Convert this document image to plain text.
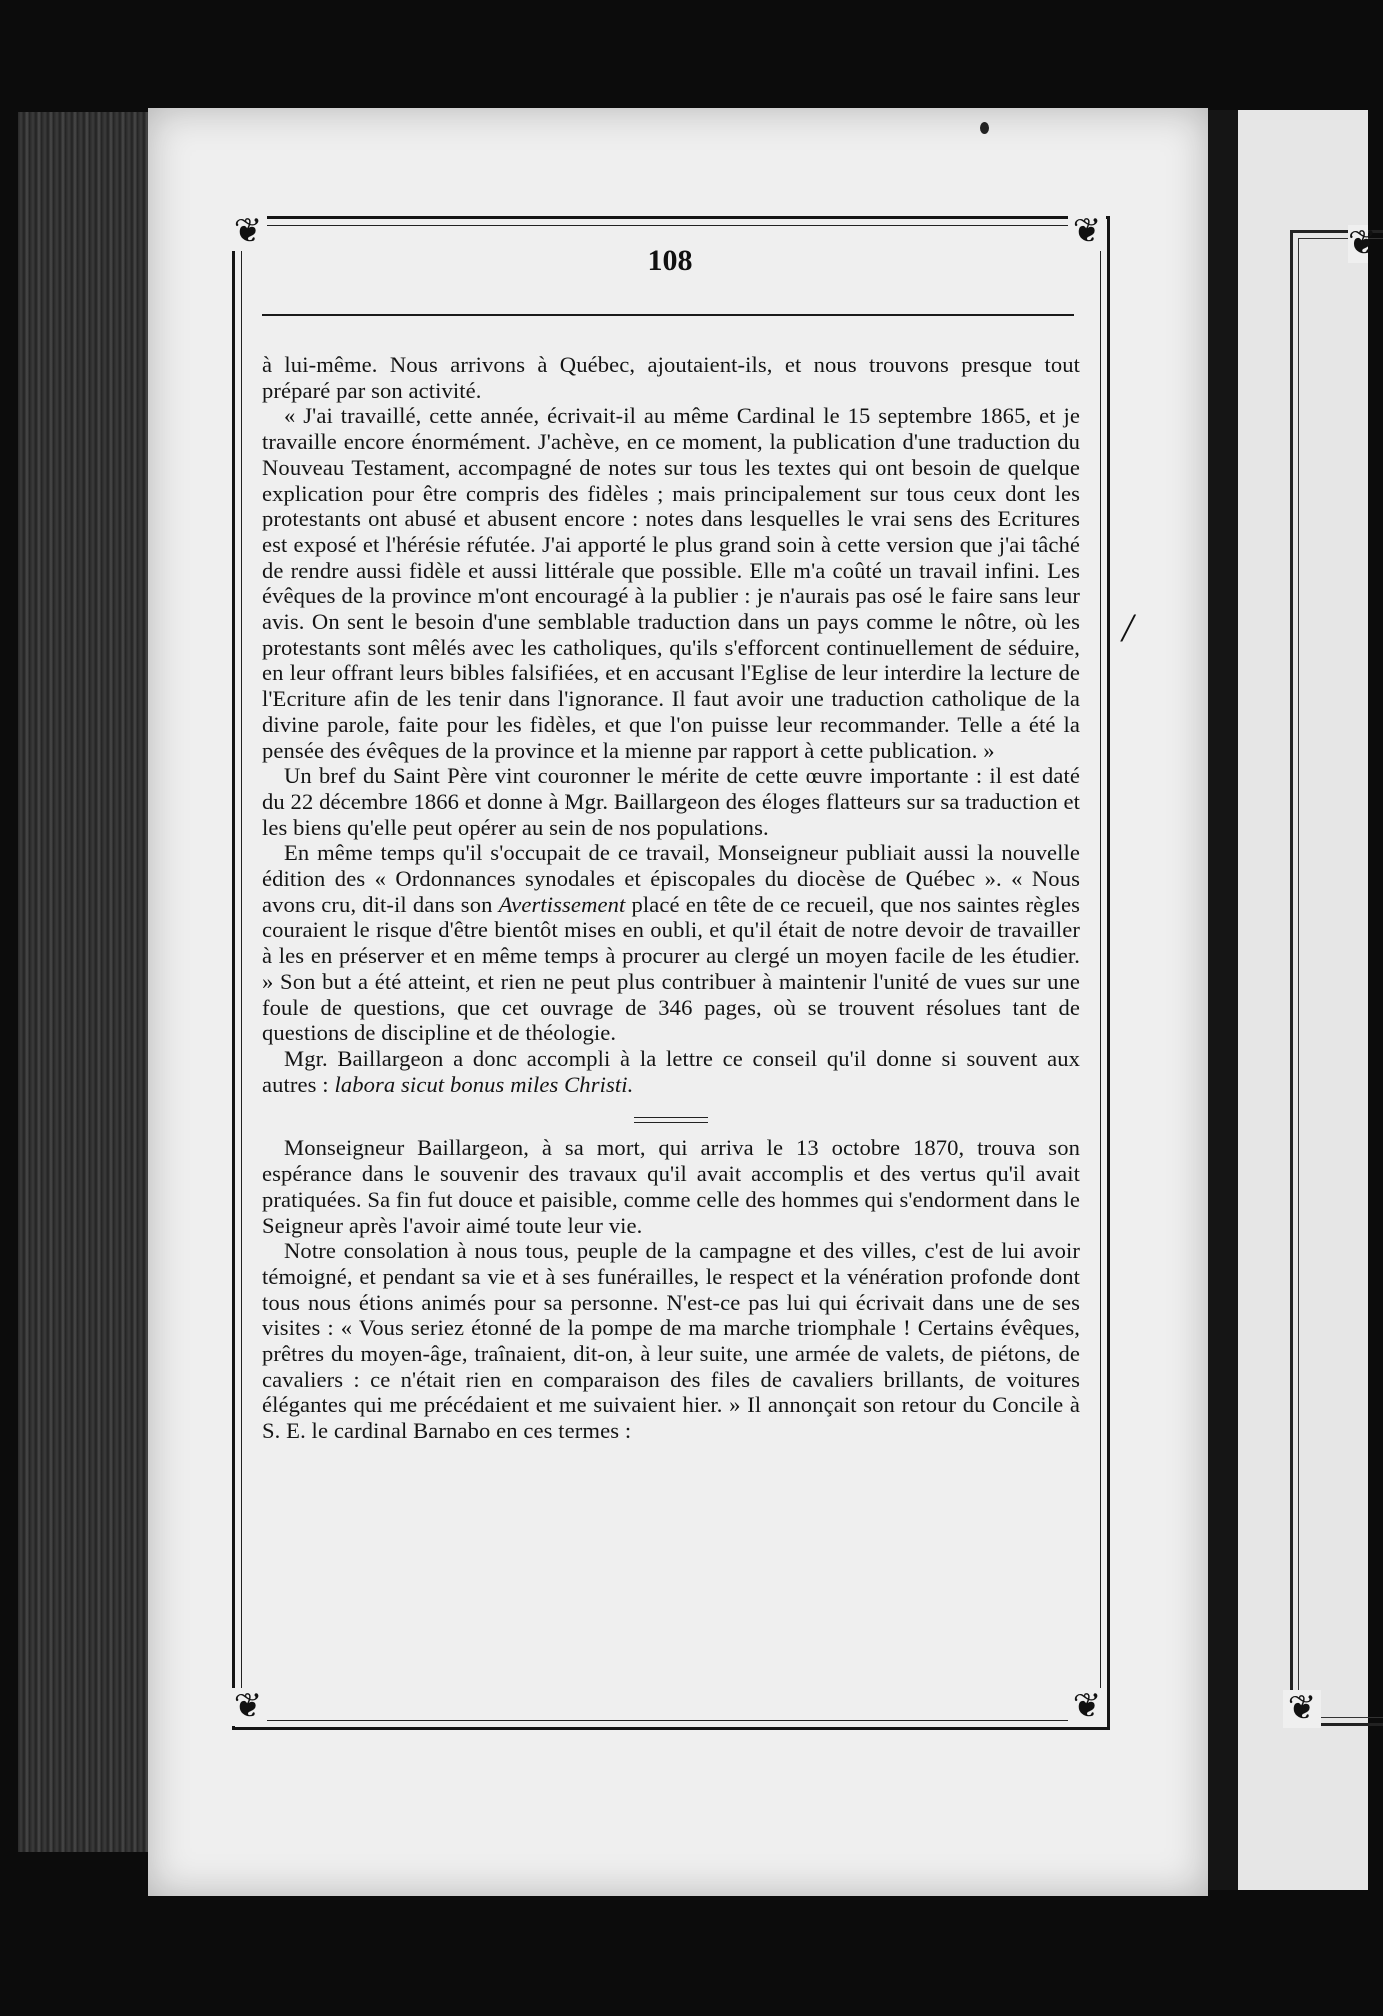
/
❦	❦
❦	❦
❦
❦
108

à lui-même. Nous arrivons à Québec, ajoutaient-ils, et nous trouvons presque tout préparé par son activité.

« J'ai travaillé, cette année, écrivait-il au même Cardinal le 15 septembre 1865, et je travaille encore énormément. J'achève, en ce moment, la publication d'une traduction du Nouveau Testament, accompagné de notes sur tous les textes qui ont besoin de quelque explication pour être compris des fidèles ; mais principalement sur tous ceux dont les protestants ont abusé et abusent encore : notes dans lesquelles le vrai sens des Ecritures est exposé et l'hérésie réfutée. J'ai apporté le plus grand soin à cette version que j'ai tâché de rendre aussi fidèle et aussi littérale que possible. Elle m'a coûté un travail infini. Les évêques de la province m'ont encouragé à la publier : je n'aurais pas osé le faire sans leur avis. On sent le besoin d'une semblable traduction dans un pays comme le nôtre, où les protestants sont mêlés avec les catholiques, qu'ils s'efforcent continuellement de séduire, en leur offrant leurs bibles falsifiées, et en accusant l'Eglise de leur interdire la lecture de l'Ecriture afin de les tenir dans l'ignorance. Il faut avoir une traduction catholique de la divine parole, faite pour les fidèles, et que l'on puisse leur recommander. Telle a été la pensée des évêques de la province et la mienne par rapport à cette publication. »

Un bref du Saint Père vint couronner le mérite de cette œuvre importante : il est daté du 22 décembre 1866 et donne à Mgr. Baillargeon des éloges flatteurs sur sa traduction et les biens qu'elle peut opérer au sein de nos populations.

En même temps qu'il s'occupait de ce travail, Monseigneur publiait aussi la nouvelle édition des « Ordonnances synodales et épiscopales du diocèse de Québec ». « Nous avons cru, dit-il dans son Avertissement placé en tête de ce recueil, que nos saintes règles couraient le risque d'être bientôt mises en oubli, et qu'il était de notre devoir de travailler à les en préserver et en même temps à procurer au clergé un moyen facile de les étudier. » Son but a été atteint, et rien ne peut plus contribuer à maintenir l'unité de vues sur une foule de questions, que cet ouvrage de 346 pages, où se trouvent résolues tant de questions de discipline et de théologie.

Mgr. Baillargeon a donc accompli à la lettre ce conseil qu'il donne si souvent aux autres : labora sicut bonus miles Christi.

Monseigneur Baillargeon, à sa mort, qui arriva le 13 octobre 1870, trouva son espérance dans le souvenir des travaux qu'il avait accomplis et des vertus qu'il avait pratiquées. Sa fin fut douce et paisible, comme celle des hommes qui s'endorment dans le Seigneur après l'avoir aimé toute leur vie.

Notre consolation à nous tous, peuple de la campagne et des villes, c'est de lui avoir témoigné, et pendant sa vie et à ses funérailles, le respect et la vénération profonde dont tous nous étions animés pour sa personne. N'est-ce pas lui qui écrivait dans une de ses visites : « Vous seriez étonné de la pompe de ma marche triomphale ! Certains évêques, prêtres du moyen-âge, traînaient, dit-on, à leur suite, une armée de valets, de piétons, de cavaliers : ce n'était rien en comparaison des files de cavaliers brillants, de voitures élégantes qui me précédaient et me suivaient hier. » Il annonçait son retour du Concile à S. E. le cardinal Barnabo en ces termes :
